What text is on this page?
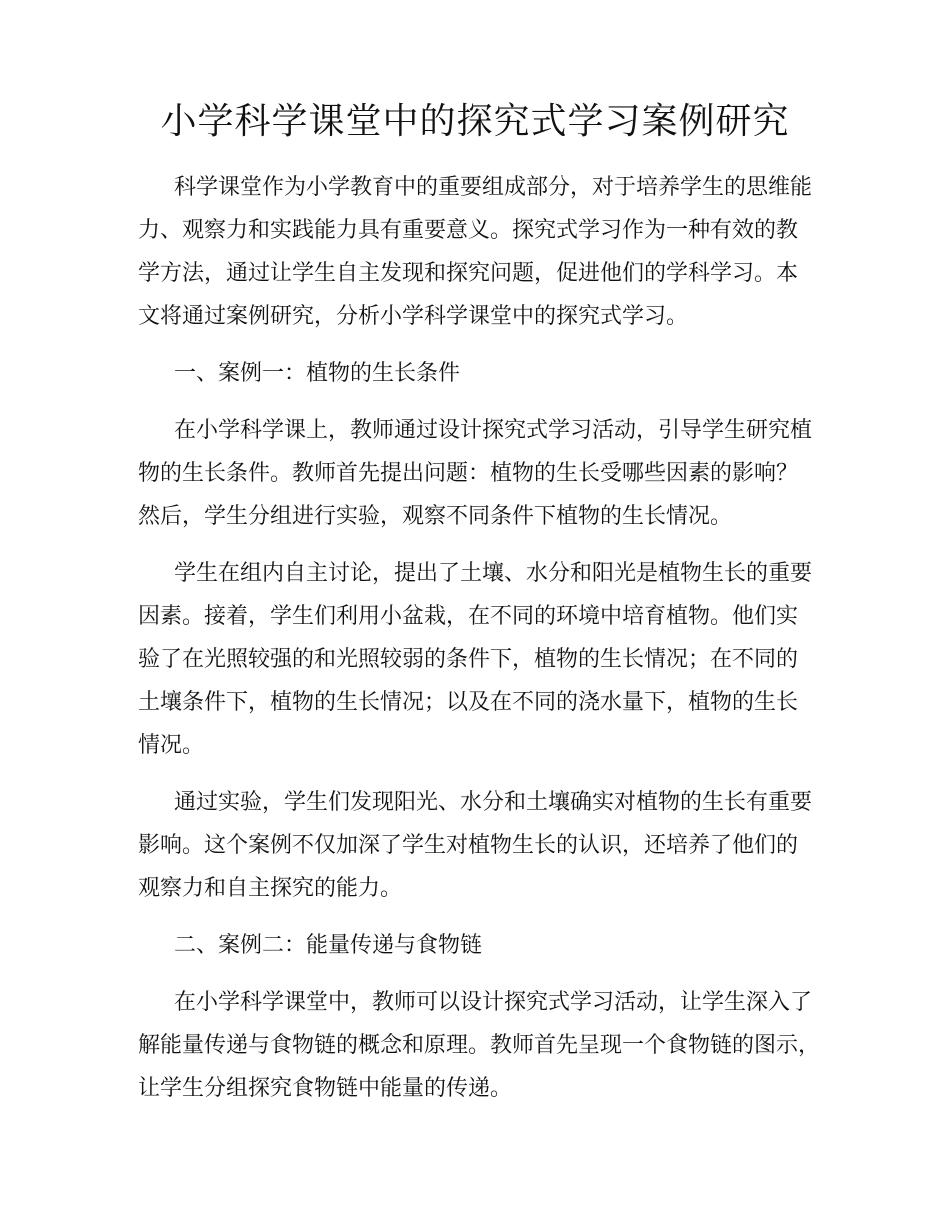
小学科学课堂中的探究式学习案例研究

科学课堂作为小学教育中的重要组成部分，对于培养学生的思维能

力、观察力和实践能力具有重要意义。探究式学习作为一种有效的教

学方法，通过让学生自主发现和探究问题，促进他们的学科学习。本

文将通过案例研究，分析小学科学课堂中的探究式学习。

一、案例一：植物的生长条件

在小学科学课上，教师通过设计探究式学习活动，引导学生研究植

物的生长条件。教师首先提出问题：植物的生长受哪些因素的影响？

然后，学生分组进行实验，观察不同条件下植物的生长情况。

学生在组内自主讨论，提出了土壤、水分和阳光是植物生长的重要

因素。接着，学生们利用小盆栽，在不同的环境中培育植物。他们实

验了在光照较强的和光照较弱的条件下，植物的生长情况；在不同的

土壤条件下，植物的生长情况；以及在不同的浇水量下，植物的生长

情况。

通过实验，学生们发现阳光、水分和土壤确实对植物的生长有重要

影响。这个案例不仅加深了学生对植物生长的认识，还培养了他们的

观察力和自主探究的能力。

二、案例二：能量传递与食物链

在小学科学课堂中，教师可以设计探究式学习活动，让学生深入了

解能量传递与食物链的概念和原理。教师首先呈现一个食物链的图示，

让学生分组探究食物链中能量的传递。
